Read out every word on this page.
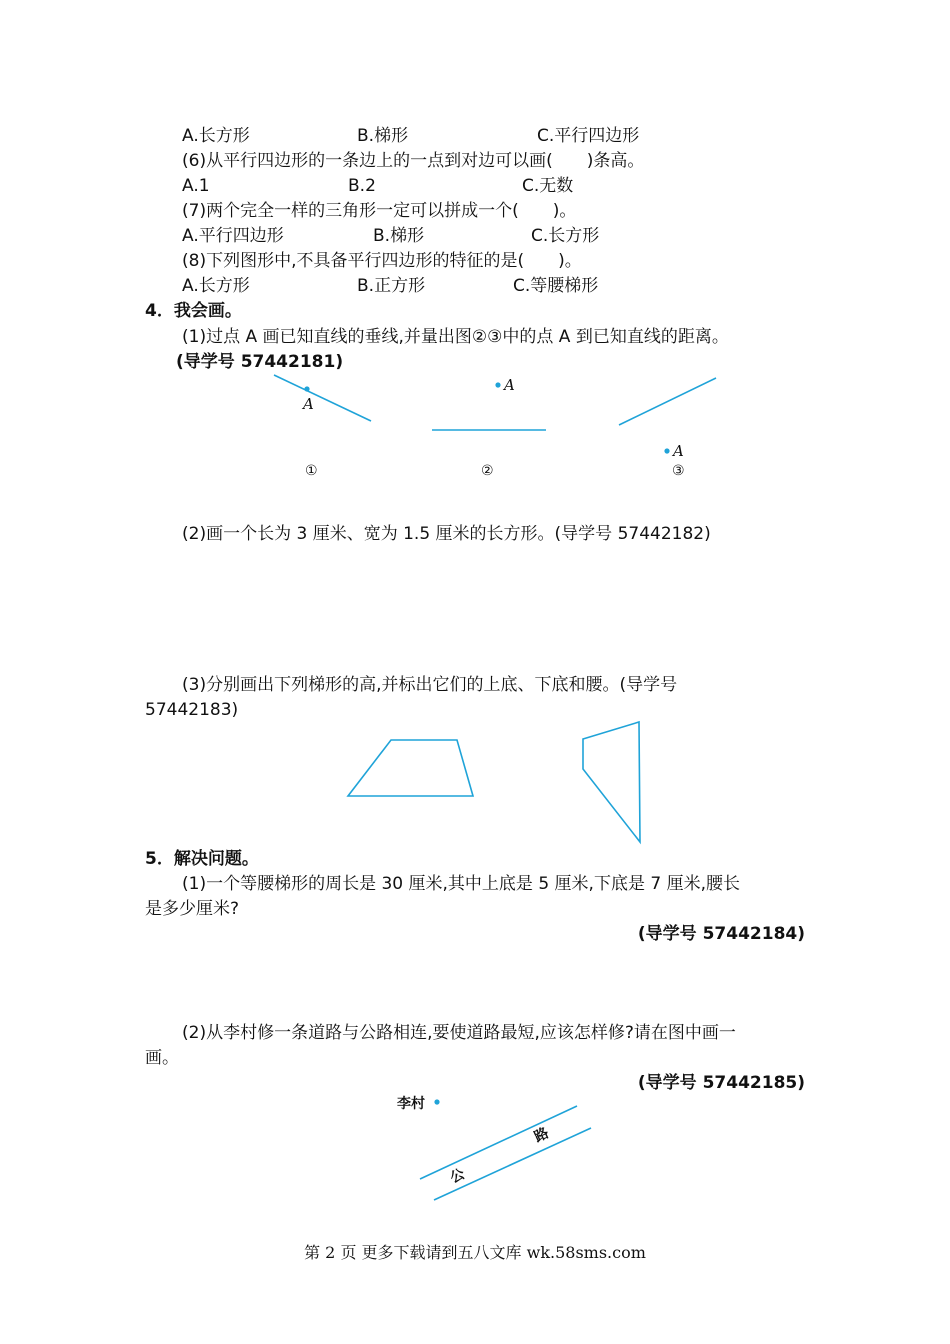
A.长方形	B.梯形	C.平行四边形
(6)从平行四边形的一条边上的一点到对边可以画(　　)条高。
A.1	B.2	C.无数
(7)两个完全一样的三角形一定可以拼成一个(　　)。
A.平行四边形	B.梯形	C.长方形
(8)下列图形中,不具备平行四边形的特征的是(　　)。
A.长方形	B.正方形	C.等腰梯形
4．我会画。
(1)过点 A 画已知直线的垂线,并量出图②③中的点 A 到已知直线的距离。
(导学号 57442181)
A
①
A
②
A
③
李村
公
路
(2)画一个长为 3 厘米、宽为 1.5 厘米的长方形。(导学号 57442182)
(3)分别画出下列梯形的高,并标出它们的上底、下底和腰。(导学号
57442183)
5．解决问题。
(1)一个等腰梯形的周长是 30 厘米,其中上底是 5 厘米,下底是 7 厘米,腰长
是多少厘米?
(导学号 57442184)
(2)从李村修一条道路与公路相连,要使道路最短,应该怎样修?请在图中画一
画。
(导学号 57442185)
第 2 页 更多下载请到五八文库 wk.58sms.com
